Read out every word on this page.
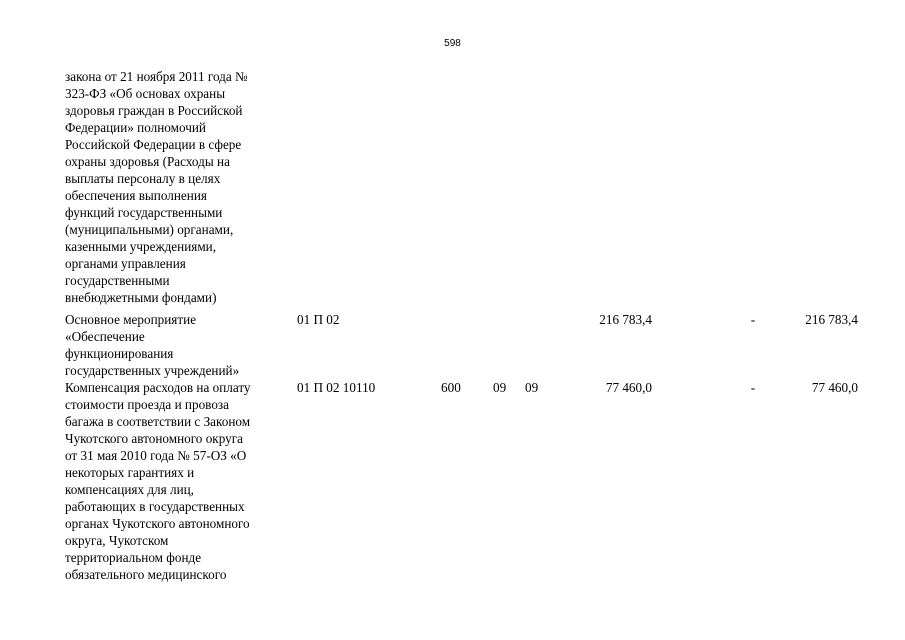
598
закона от 21 ноября 2011 года №
323-ФЗ «Об основах охраны
здоровья граждан в Российской
Федерации» полномочий
Российской Федерации в сфере
охраны здоровья (Расходы на
выплаты персоналу в целях
обеспечения выполнения
функций государственными
(муниципальными) органами,
казенными учреждениями,
органами управления
государственными
внебюджетными фондами)
Основное мероприятие
«Обеспечение
функционирования
государственных учреждений»
01 П 02	216 783,4	-	216 783,4
Компенсация расходов на оплату
стоимости проезда и провоза
багажа в соответствии с Законом
Чукотского автономного округа
от 31 мая 2010 года № 57-ОЗ «О
некоторых гарантиях и
компенсациях для лиц,
работающих в государственных
органах Чукотского автономного
округа, Чукотском
территориальном фонде
обязательного медицинского
01 П 02 10110	600 09 09	77 460,0	-	77 460,0
